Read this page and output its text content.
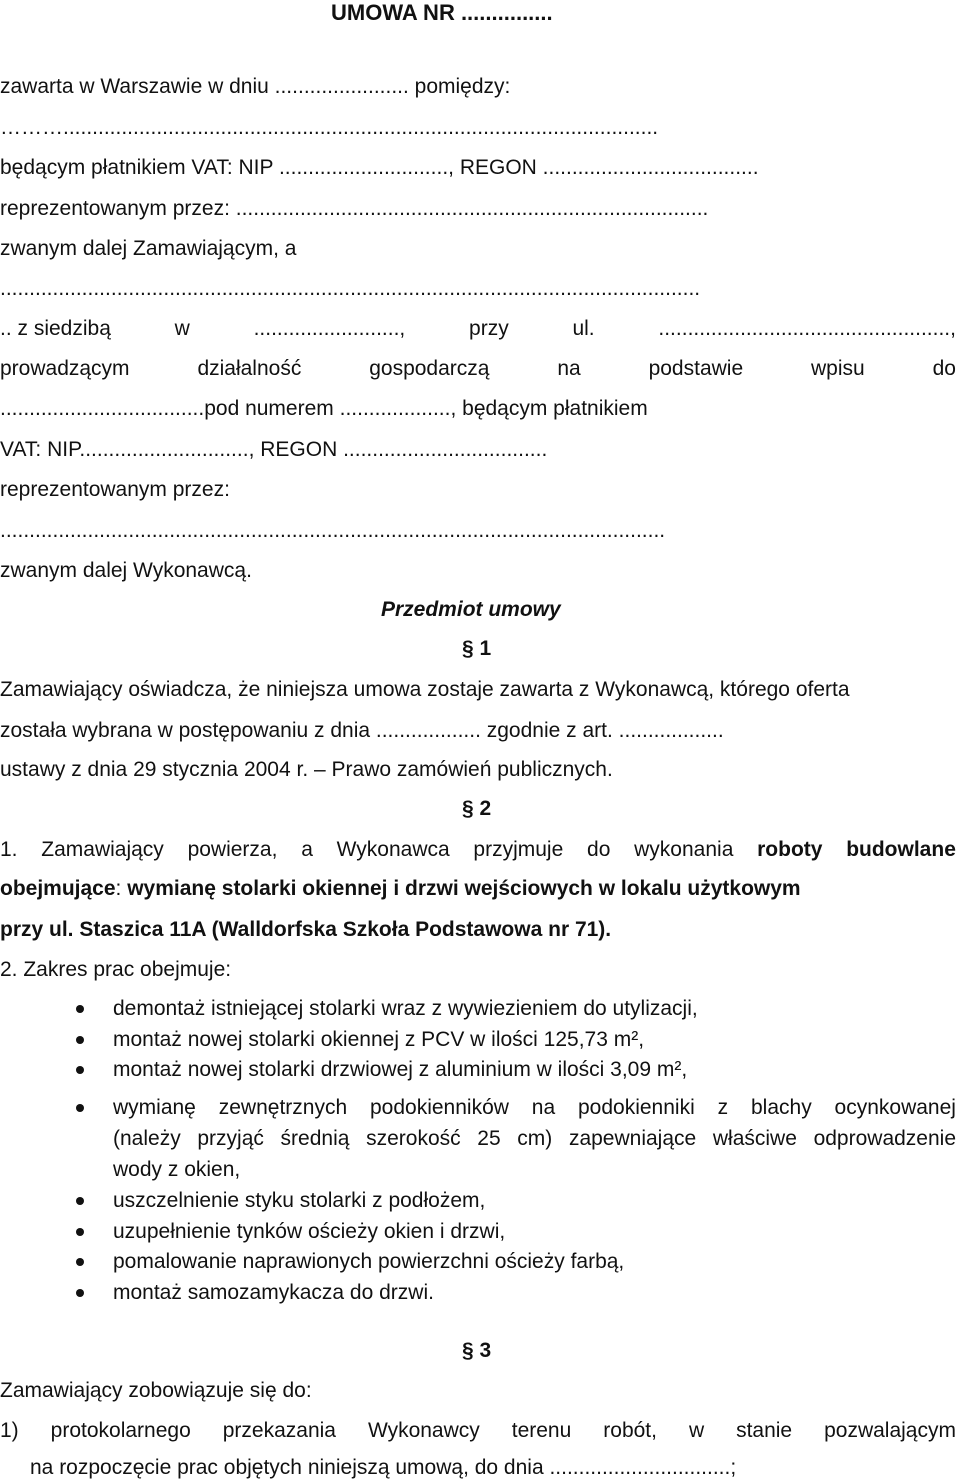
UMOWA NR ...............
zawarta w Warszawie w dniu ....................... pomiędzy:
………......................................................................................................
będącym płatnikiem VAT: NIP ............................., REGON .....................................
reprezentowanym przez: .................................................................................
zwanym dalej Zamawiającym, a
........................................................................................................................
.. z siedzibą	w	.........................,	przy	ul.	..................................................,
prowadzącym	działalność	gospodarczą	na	podstawie	wpisu	do
...................................pod numerem ..................., będącym płatnikiem
VAT: NIP............................., REGON ...................................
reprezentowanym przez:
..................................................................................................................
zwanym dalej Wykonawcą.
Przedmiot umowy
§ 1
Zamawiający oświadcza, że niniejsza umowa zostaje zawarta z Wykonawcą, którego oferta
została wybrana w postępowaniu z dnia .................. zgodnie z art. ..................
ustawy z dnia 29 stycznia 2004 r. – Prawo zamówień publicznych.
§ 2
1. Zamawiający powierza, a Wykonawca przyjmuje do wykonania roboty budowlane
obejmujące: wymianę stolarki okiennej i drzwi wejściowych w lokalu użytkowym
przy ul. Staszica 11A (Walldorfska Szkoła Podstawowa nr 71).
2. Zakres prac obejmuje:
demontaż istniejącej stolarki wraz z wywiezieniem do utylizacji,
montaż nowej stolarki okiennej z PCV w ilości 125,73 m²,
montaż nowej stolarki drzwiowej z aluminium w ilości 3,09 m²,
wymianę zewnętrznych podokienników na podokienniki z blachy ocynkowanej
(należy przyjąć średnią szerokość 25 cm) zapewniające właściwe odprowadzenie
wody z okien,
uszczelnienie styku stolarki z podłożem,
uzupełnienie tynków ościeży okien i drzwi,
pomalowanie naprawionych powierzchni ościeży farbą,
montaż samozamykacza do drzwi.
§ 3
Zamawiający zobowiązuje się do:
1) protokolarnego przekazania Wykonawcy terenu robót, w stanie pozwalającym
na rozpoczęcie prac objętych niniejszą umową, do dnia ...............................;
